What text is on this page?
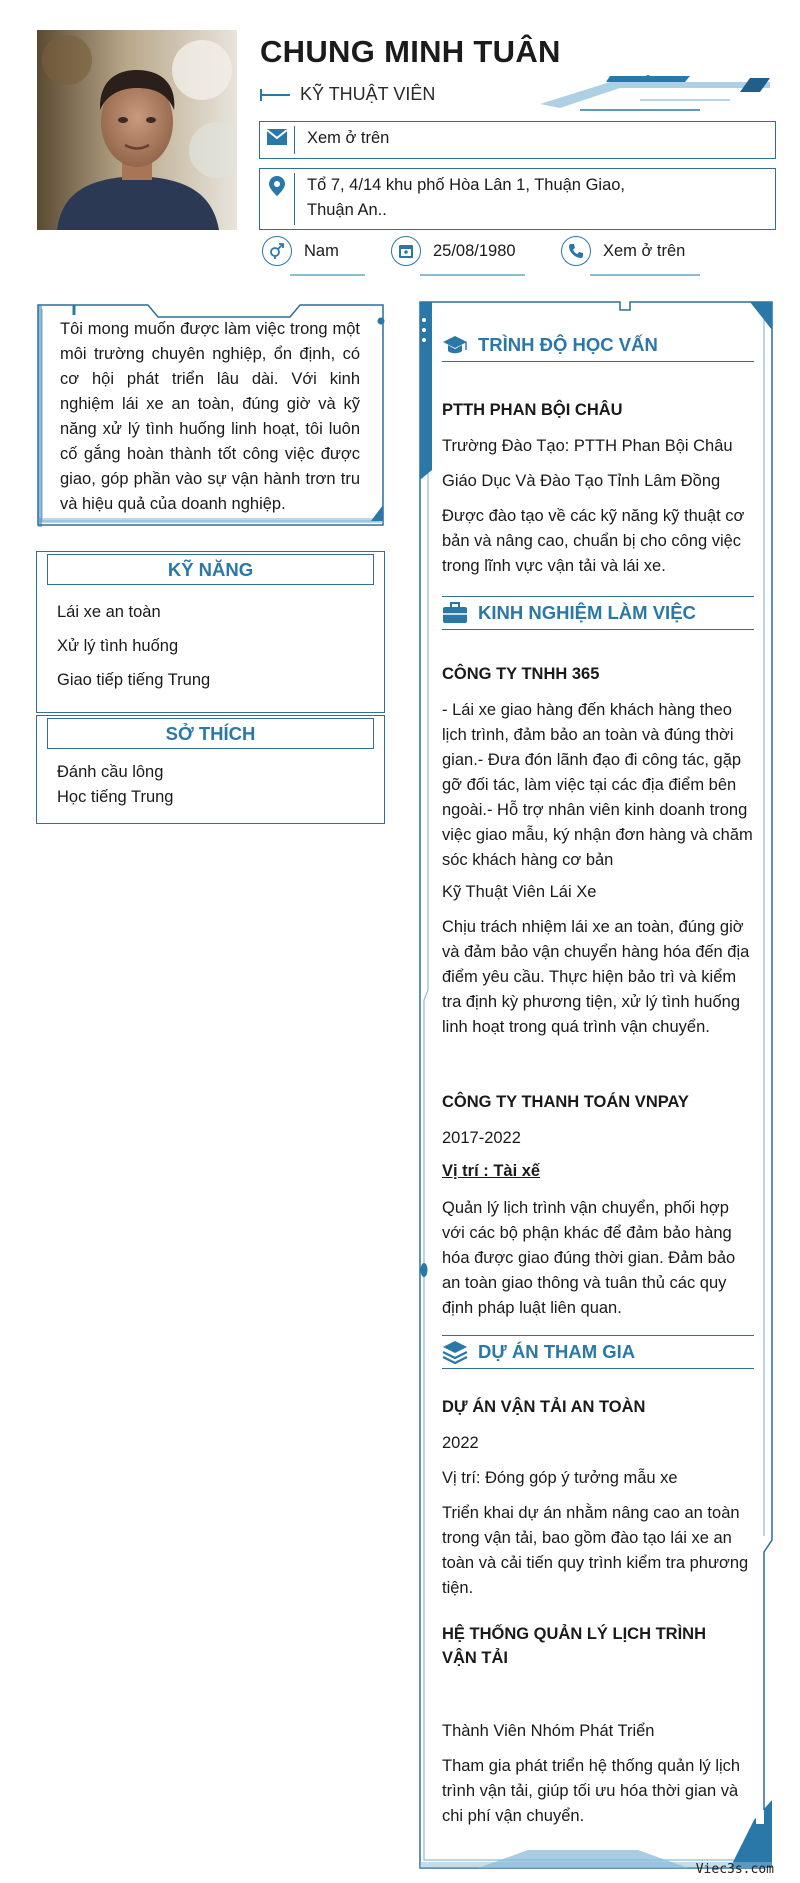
CHUNG MINH TUÂN
KỸ THUẬT VIÊN
Xem ở trên
Tổ 7, 4/14 khu phố Hòa Lân 1, Thuận Giao, Thuận An..
Nam	25/08/1980	Xem ở trên
Tôi mong muốn được làm việc trong một môi trường chuyên nghiệp, ổn định, có cơ hội phát triển lâu dài. Với kinh nghiệm lái xe an toàn, đúng giờ và kỹ năng xử lý tình huống linh hoạt, tôi luôn cố gắng hoàn thành tốt công việc được giao, góp phần vào sự vận hành trơn tru và hiệu quả của doanh nghiệp.
KỸ NĂNG
Lái xe an toàn
Xử lý tình huống
Giao tiếp tiếng Trung
SỞ THÍCH
Đánh cầu lông
Học tiếng Trung
TRÌNH ĐỘ HỌC VẤN
PTTH PHAN BỘI CHÂU
Trường Đào Tạo: PTTH Phan Bội Châu
Giáo Dục Và Đào Tạo Tỉnh Lâm Đồng
Được đào tạo về các kỹ năng kỹ thuật cơ bản và nâng cao, chuẩn bị cho công việc trong lĩnh vực vận tải và lái xe.
KINH NGHIỆM LÀM VIỆC
CÔNG TY TNHH 365
- Lái xe giao hàng đến khách hàng theo lịch trình, đảm bảo an toàn và đúng thời gian.- Đưa đón lãnh đạo đi công tác, gặp gỡ đối tác, làm việc tại các địa điểm bên ngoài.- Hỗ trợ nhân viên kinh doanh trong việc giao mẫu, ký nhận đơn hàng và chăm sóc khách hàng cơ bản
Kỹ Thuật Viên Lái Xe
Chịu trách nhiệm lái xe an toàn, đúng giờ và đảm bảo vận chuyển hàng hóa đến địa điểm yêu cầu. Thực hiện bảo trì và kiểm tra định kỳ phương tiện, xử lý tình huống linh hoạt trong quá trình vận chuyển.
CÔNG TY THANH TOÁN VNPAY
2017-2022
Vị trí : Tài xế
Quản lý lịch trình vận chuyển, phối hợp với các bộ phận khác để đảm bảo hàng hóa được giao đúng thời gian. Đảm bảo an toàn giao thông và tuân thủ các quy định pháp luật liên quan.
DỰ ÁN THAM GIA
DỰ ÁN VẬN TẢI AN TOÀN
2022
Vị trí: Đóng góp ý tưởng mẫu xe
Triển khai dự án nhằm nâng cao an toàn trong vận tải, bao gồm đào tạo lái xe an toàn và cải tiến quy trình kiểm tra phương tiện.
HỆ THỐNG QUẢN LÝ LỊCH TRÌNH VẬN TẢI
Thành Viên Nhóm Phát Triển
Tham gia phát triển hệ thống quản lý lịch trình vận tải, giúp tối ưu hóa thời gian và chi phí vận chuyển.
Viec3s.com
